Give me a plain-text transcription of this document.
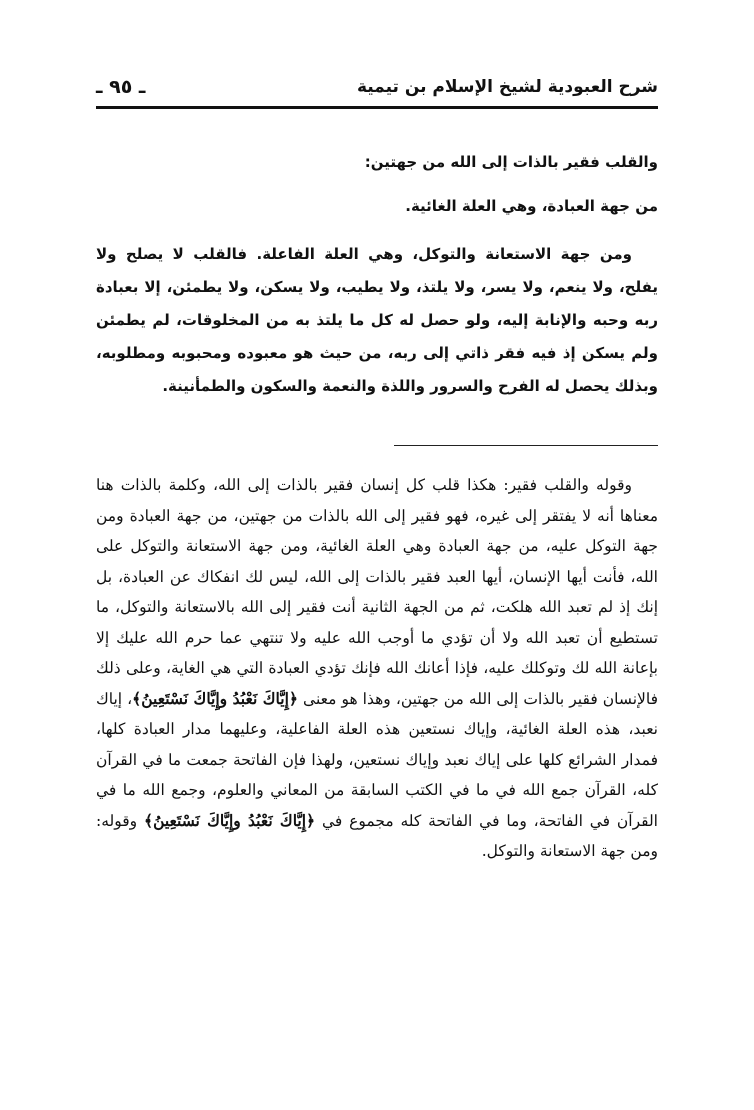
شرح العبودية لشيخ الإسلام بن تيمية
ـ ٩٥ ـ

والقلب فقير بالذات إلى الله من جهتين:

من جهة العبادة، وهي العلة الغائية.

ومن جهة الاستعانة والتوكل، وهي العلة الفاعلة. فالقلب لا يصلح ولا يفلح، ولا ينعم، ولا يسر، ولا يلتذ، ولا يطيب، ولا يسكن، ولا يطمئن، إلا بعبادة ربه وحبه والإنابة إليه، ولو حصل له كل ما يلتذ به من المخلوقات، لم يطمئن ولم يسكن إذ فيه فقر ذاتي إلى ربه، من حيث هو معبوده ومحبوبه ومطلوبه، وبذلك يحصل له الفرح والسرور واللذة والنعمة والسكون والطمأنينة.

وقوله والقلب فقير: هكذا قلب كل إنسان فقير بالذات إلى الله، وكلمة بالذات هنا معناها أنه لا يفتقر إلى غيره، فهو فقير إلى الله بالذات من جهتين، من جهة العبادة ومن جهة التوكل عليه، من جهة العبادة وهي العلة الغائية، ومن جهة الاستعانة والتوكل على الله، فأنت أيها الإنسان، أيها العبد فقير بالذات إلى الله، ليس لك انفكاك عن العبادة، بل إنك إذ لم تعبد الله هلكت، ثم من الجهة الثانية أنت فقير إلى الله بالاستعانة والتوكل، ما تستطيع أن تعبد الله ولا أن تؤدي ما أوجب الله عليه ولا تنتهي عما حرم الله عليك إلا بإعانة الله لك وتوكلك عليه، فإذا أعانك الله فإنك تؤدي العبادة التي هي الغاية، وعلى ذلك فالإنسان فقير بالذات إلى الله من جهتين، وهذا هو معنى ﴿إِيَّاكَ نَعْبُدُ وإِيَّاكَ نَسْتَعِينُ﴾، إياك نعبد، هذه العلة الغائية، وإياك نستعين هذه العلة الفاعلية، وعليهما مدار العبادة كلها، فمدار الشرائع كلها على إياك نعبد وإياك نستعين، ولهذا فإن الفاتحة جمعت ما في القرآن كله، القرآن جمع الله في ما في الكتب السابقة من المعاني والعلوم، وجمع الله ما في القرآن في الفاتحة، وما في الفاتحة كله مجموع في ﴿إِيَّاكَ نَعْبُدُ وإِيَّاكَ نَسْتَعِينُ﴾ وقوله: ومن جهة الاستعانة والتوكل.
